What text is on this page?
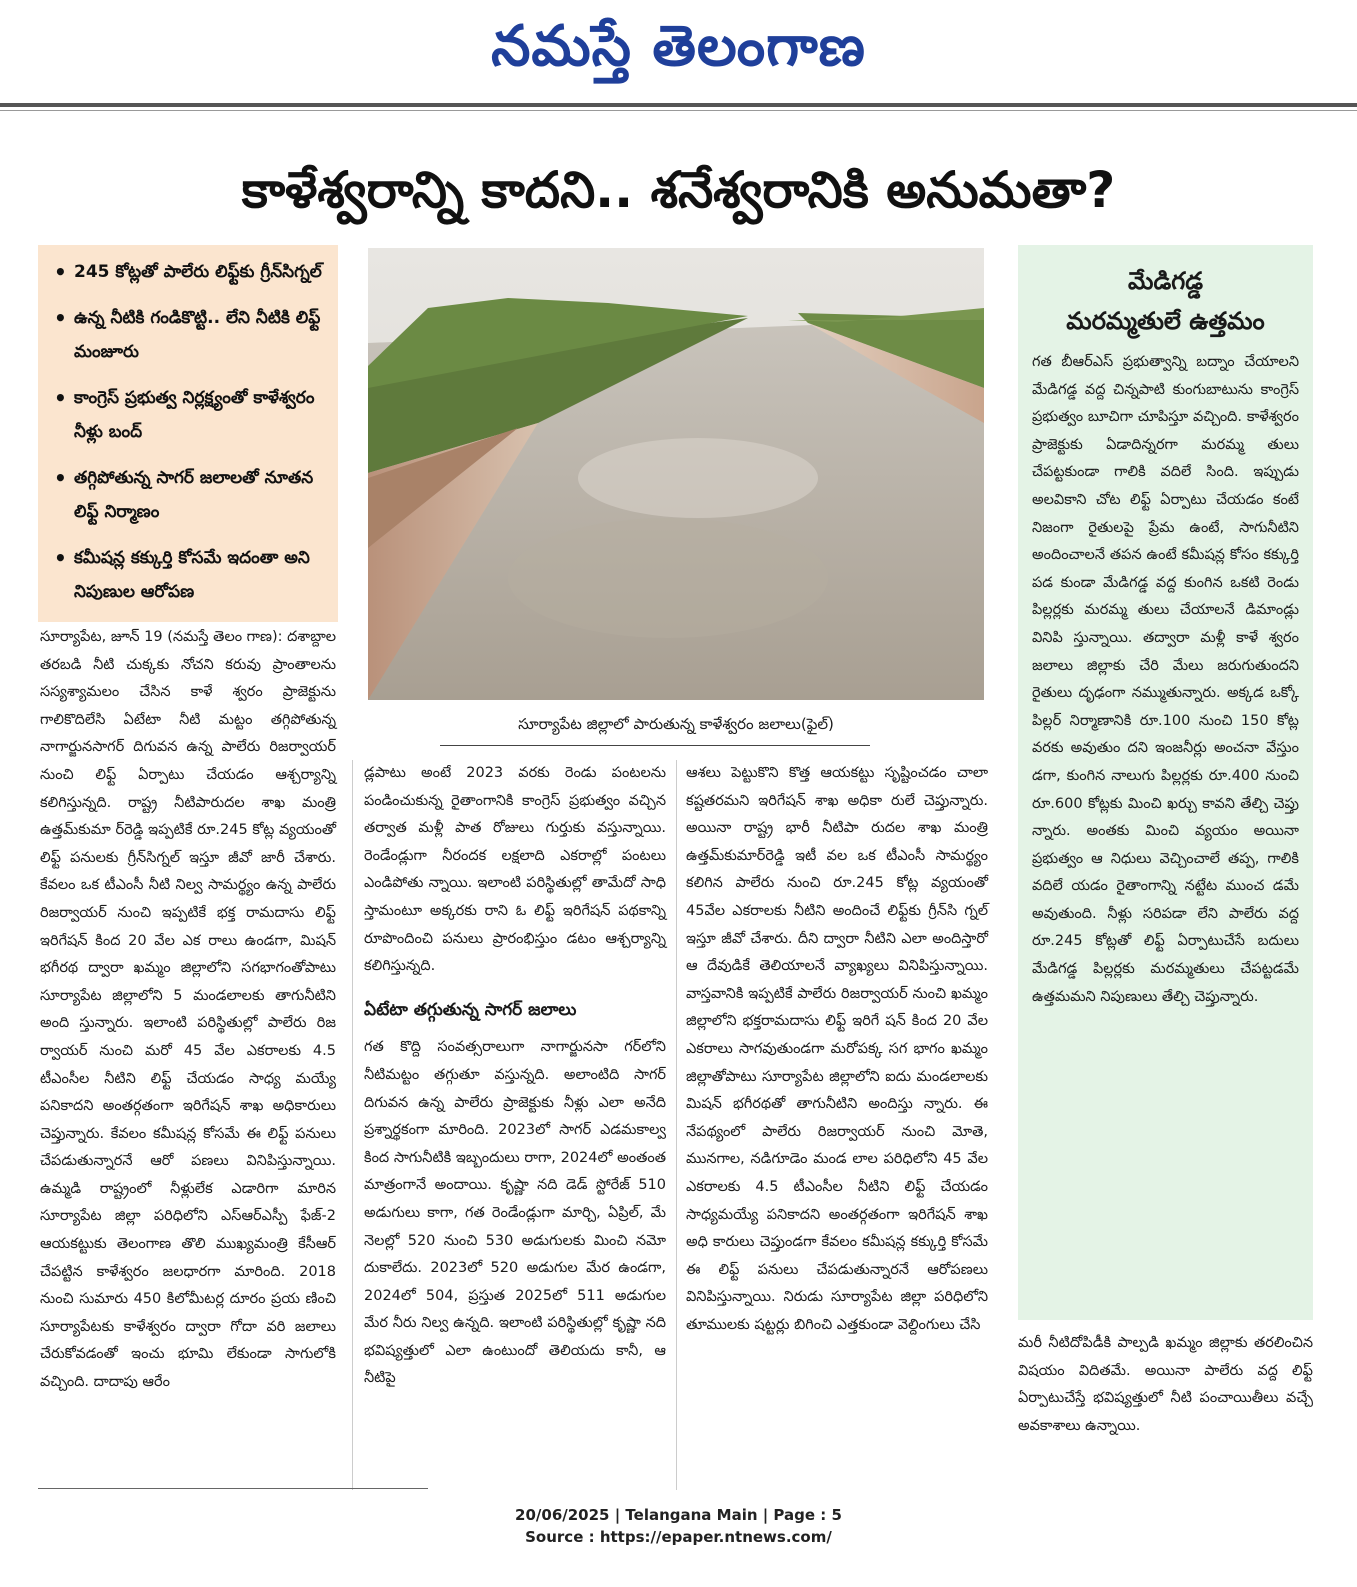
నమస్తే తెలంగాణ
కాళేశ్వరాన్ని కాదని.. శనేశ్వరానికి అనుమతా?
• 245 కోట్లతో పాలేరు లిఫ్ట్‌కు గ్రీన్‌సిగ్నల్
• ఉన్న నీటికి గండికొట్టి.. లేని నీటికి లిఫ్ట్ మంజూరు
• కాంగ్రెస్ ప్రభుత్వ నిర్లక్ష్యంతో కాళేశ్వరం నీళ్లు బంద్
• తగ్గిపోతున్న సాగర్ జలాలతో నూతన లిఫ్ట్ నిర్మాణం
• కమీషన్ల కక్కుర్తి కోసమే ఇదంతా అని నిపుణుల ఆరోపణ
సూర్యాపేట జిల్లాలో పారుతున్న కాళేశ్వరం జలాలు(ఫైల్)
మేడిగడ్డ
మరమ్మతులే ఉత్తమం
గత బీఆర్‌ఎస్ ప్రభుత్వాన్ని బద్నాం చేయాలని మేడిగడ్డ వద్ద చిన్నపాటి కుంగుబాటును కాంగ్రెస్ ప్రభుత్వం బూచిగా చూపిస్తూ వచ్చింది. కాళేశ్వరం ప్రాజెక్టుకు ఏడాదిన్నరగా మరమ్మ తులు చేపట్టకుండా గాలికి వదిలే సింది. ఇప్పుడు అలవికాని చోట లిఫ్ట్ ఏర్పాటు చేయడం కంటే నిజంగా రైతులపై ప్రేమ ఉంటే, సాగునీటిని అందించాలనే తపన ఉంటే కమీషన్ల కోసం కక్కుర్తి పడ కుండా మేడిగడ్డ వద్ద కుంగిన ఒకటి రెండు పిల్లర్లకు మరమ్మ తులు చేయాలనే డిమాండ్లు వినిపి స్తున్నాయి. తద్వారా మళ్లీ కాళే శ్వరం జలాలు జిల్లాకు చేరి మేలు జరుగుతుందని రైతులు దృఢంగా నమ్ముతున్నారు. అక్కడ ఒక్కో పిల్లర్ నిర్మాణానికి రూ.100 నుంచి 150 కోట్ల వరకు అవుతుం దని ఇంజనీర్లు అంచనా వేస్తుం డగా, కుంగిన నాలుగు పిల్లర్లకు రూ.400 నుంచి రూ.600 కోట్లకు మించి ఖర్చు కావని తేల్చి చెప్తు న్నారు. అంతకు మించి వ్యయం అయినా ప్రభుత్వం ఆ నిధులు వెచ్చించాలే తప్ప, గాలికి వదిలే యడం రైతాంగాన్ని నట్టేట ముంచ డమే అవుతుంది. నీళ్లు సరిపడా లేని పాలేరు వద్ద రూ.245 కోట్లతో లిఫ్ట్ ఏర్పాటుచేసే బదులు మేడిగడ్డ పిల్లర్లకు మరమ్మతులు చేపట్టడమే ఉత్తమమని నిపుణులు తేల్చి చెప్తున్నారు.
సూర్యాపేట, జూన్ 19 (నమస్తే తెలం గాణ): దశాబ్దాల తరబడి నీటి చుక్కకు నోచని కరువు ప్రాంతాలను సస్యశ్యామలం చేసిన కాళే శ్వరం ప్రాజెక్టును గాలికొదిలేసి ఏటేటా నీటి మట్టం తగ్గిపోతున్న నాగార్జునసాగర్ దిగువన ఉన్న పాలేరు రిజర్వాయర్ నుంచి లిఫ్ట్ ఏర్పాటు చేయడం ఆశ్చర్యాన్ని కలిగిస్తున్నది. రాష్ట్ర నీటిపారుదల శాఖ మంత్రి ఉత్తమ్‌కుమా ర్‌రెడ్డి ఇప్పటికే రూ.245 కోట్ల వ్యయంతో లిఫ్ట్ పనులకు గ్రీన్‌సిగ్నల్ ఇస్తూ జీవో జారీ చేశారు. కేవలం ఒక టీఎంసీ నీటి నిల్వ సామర్థ్యం ఉన్న పాలేరు రిజర్వాయర్ నుంచి ఇప్పటికే భక్త రామదాసు లిఫ్ట్ ఇరిగేషన్ కింద 20 వేల ఎక రాలు ఉండగా, మిషన్ భగీరథ ద్వారా ఖమ్మం జిల్లాలోని సగభాగంతోపాటు సూర్యాపేట జిల్లాలోని 5 మండలాలకు తాగునీటిని అంది స్తున్నారు. ఇలాంటి పరిస్థితుల్లో పాలేరు రిజ ర్వాయర్ నుంచి మరో 45 వేల ఎకరాలకు 4.5 టీఎంసీల నీటిని లిఫ్ట్ చేయడం సాధ్య మయ్యే పనికాదని అంతర్గతంగా ఇరిగేషన్ శాఖ అధికారులు చెప్తున్నారు. కేవలం కమీషన్ల కోసమే ఈ లిఫ్ట్ పనులు చేపడుతున్నారనే ఆరో పణలు వినిపిస్తున్నాయి. ఉమ్మడి రాష్ట్రంలో నీళ్లులేక ఎడారిగా మారిన సూర్యాపేట జిల్లా పరిధిలోని ఎస్‌ఆర్‌ఎస్పీ ఫేజ్-2 ఆయకట్టుకు తెలంగాణ తొలి ముఖ్యమంత్రి కేసీఆర్ చేపట్టిన కాళేశ్వరం జలధారగా మారింది. 2018 నుంచి సుమారు 450 కిలోమీటర్ల దూరం ప్రయ ణించి సూర్యాపేటకు కాళేశ్వరం ద్వారా గోదా వరి జలాలు చేరుకోవడంతో ఇంచు భూమి లేకుండా సాగులోకి వచ్చింది. దాదాపు ఆరేం
డ్లపాటు అంటే 2023 వరకు రెండు పంటలను పండించుకున్న రైతాంగానికి కాంగ్రెస్ ప్రభుత్వం వచ్చిన తర్వాత మళ్లీ పాత రోజులు గుర్తుకు వస్తున్నాయి. రెండేండ్లుగా నీరందక లక్షలాది ఎకరాల్లో పంటలు ఎండిపోతు న్నాయి. ఇలాంటి పరిస్థితుల్లో తామేదో సాధి స్తామంటూ అక్కరకు రాని ఓ లిఫ్ట్ ఇరిగేషన్ పథకాన్ని రూపొందించి పనులు ప్రారంభిస్తుం డటం ఆశ్చర్యాన్ని కలిగిస్తున్నది.
ఏటేటా తగ్గుతున్న సాగర్ జలాలు
గత కొద్ది సంవత్సరాలుగా నాగార్జునసా గర్‌లోని నీటిమట్టం తగ్గుతూ వస్తున్నది. అలాంటిది సాగర్ దిగువన ఉన్న పాలేరు ప్రాజెక్టుకు నీళ్లు ఎలా అనేది ప్రశ్నార్థకంగా మారింది. 2023లో సాగర్ ఎడమకాల్వ కింద సాగునీటికి ఇబ్బందులు రాగా, 2024లో అంతంత మాత్రంగానే అందాయి. కృష్ణా నది డెడ్ స్టోరేజ్ 510 అడుగులు కాగా, గత రెండేండ్లుగా మార్చి, ఏప్రిల్, మే నెలల్లో 520 నుంచి 530 అడుగులకు మించి నమో దుకాలేదు. 2023లో 520 అడుగుల మేర ఉండగా, 2024లో 504, ప్రస్తుత 2025లో 511 అడుగుల మేర నీరు నిల్వ ఉన్నది. ఇలాంటి పరిస్థితుల్లో కృష్ణా నది భవిష్యత్తులో ఎలా ఉంటుందో తెలియదు కానీ, ఆ నీటిపై
ఆశలు పెట్టుకొని కొత్త ఆయకట్టు సృష్టించడం చాలా కష్టతరమని ఇరిగేషన్ శాఖ అధికా రులే చెప్తున్నారు. అయినా రాష్ట్ర భారీ నీటిపా రుదల శాఖ మంత్రి ఉత్తమ్‌కుమార్‌రెడ్డి ఇటీ వల ఒక టీఎంసీ సామర్థ్యం కలిగిన పాలేరు నుంచి రూ.245 కోట్ల వ్యయంతో 45వేల ఎకరాలకు నీటిని అందించే లిఫ్ట్‌కు గ్రీన్‌సి గ్నల్ ఇస్తూ జీవో చేశారు. దీని ద్వారా నీటిని ఎలా అందిస్తారో ఆ దేవుడికే తెలియాలనే వ్యాఖ్యలు వినిపిస్తున్నాయి. వాస్తవానికి ఇప్పటికే పాలేరు రిజర్వాయర్ నుంచి ఖమ్మం జిల్లాలోని భక్తరామదాసు లిఫ్ట్ ఇరిగే షన్ కింద 20 వేల ఎకరాలు సాగవుతుండగా మరోపక్క సగ భాగం ఖమ్మం జిల్లాతోపాటు సూర్యాపేట జిల్లాలోని ఐదు మండలాలకు మిషన్ భగీరథతో తాగునీటిని అందిస్తు న్నారు. ఈ నేపథ్యంలో పాలేరు రిజర్వాయర్ నుంచి మోతె, మునగాల, నడిగూడెం మండ లాల పరిధిలోని 45 వేల ఎకరాలకు 4.5 టీఎంసీల నీటిని లిఫ్ట్ చేయడం సాధ్యమయ్యే పనికాదని అంతర్గతంగా ఇరిగేషన్ శాఖ అధి కారులు చెప్తుండగా కేవలం కమీషన్ల కక్కుర్తి కోసమే ఈ లిఫ్ట్ పనులు చేపడుతున్నారనే ఆరోపణలు వినిపిస్తున్నాయి. నిరుడు సూర్యాపేట జిల్లా పరిధిలోని తూములకు షట్టర్లు బిగించి ఎత్తకుండా వెల్దింగులు చేసి
మరీ నీటిదోపిడీకి పాల్పడి ఖమ్మం జిల్లాకు తరలించిన విషయం విదితమే. అయినా పాలేరు వద్ద లిఫ్ట్ ఏర్పాటుచేస్తే భవిష్యత్తులో నీటి పంచాయితీలు వచ్చే అవకాశాలు ఉన్నాయి.
20/06/2025 | Telangana Main | Page : 5
Source : https://epaper.ntnews.com/
